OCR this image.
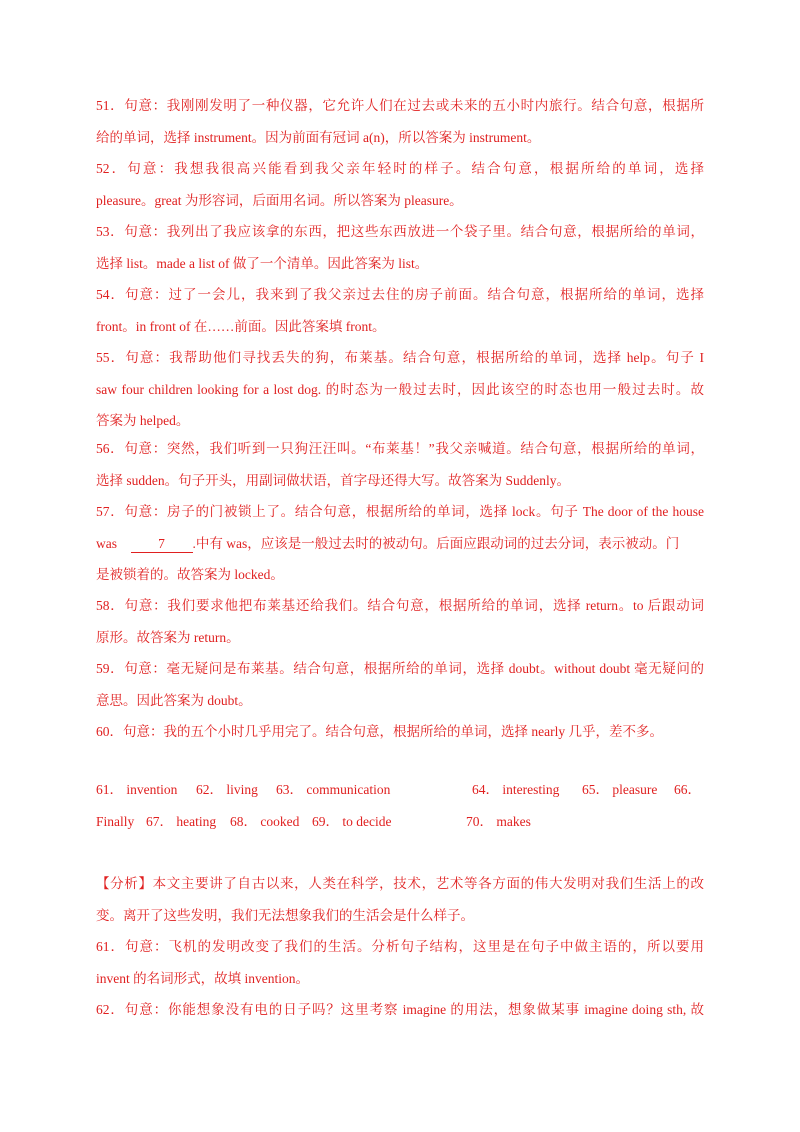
51．句意：我刚刚发明了一种仪器，它允许人们在过去或未来的五小时内旅行。结合句意，根据所
给的单词，选择 instrument。因为前面有冠词 a(n)，所以答案为 instrument。
52．句意：我想我很高兴能看到我父亲年轻时的样子。结合句意，根据所给的单词，选择
pleasure。great 为形容词，后面用名词。所以答案为 pleasure。
53．句意：我列出了我应该拿的东西，把这些东西放进一个袋子里。结合句意，根据所给的单词，
选择 list。made a list of 做了一个清单。因此答案为 list。
54．句意：过了一会儿，我来到了我父亲过去住的房子前面。结合句意，根据所给的单词，选择
front。in front of 在……前面。因此答案填 front。
55．句意：我帮助他们寻找丢失的狗，布莱基。结合句意，根据所给的单词，选择 help。句子 I
saw four children looking for a lost dog. 的时态为一般过去时，因此该空的时态也用一般过去时。故
答案为 helped。
56．句意：突然，我们听到一只狗汪汪叫。“布莱基！”我父亲喊道。结合句意，根据所给的单词，
选择 sudden。句子开头，用副词做状语，首字母还得大写。故答案为 Suddenly。
57．句意：房子的门被锁上了。结合句意，根据所给的单词，选择 lock。句子 The door of the house
was	7 .中有 was，应该是一般过去时的被动句。后面应跟动词的过去分词，表示被动。门
是被锁着的。故答案为 locked。
58．句意：我们要求他把布莱基还给我们。结合句意，根据所给的单词，选择 return。to 后跟动词
原形。故答案为 return。
59．句意：毫无疑问是布莱基。结合句意，根据所给的单词，选择 doubt。without doubt 毫无疑问的
意思。因此答案为 doubt。
60．句意：我的五个小时几乎用完了。结合句意，根据所给的单词，选择 nearly 几乎，差不多。
61． invention 62． living 63． communication	64． interesting 65． pleasure 66．
Finally 67． heating 68． cooked 69． to decide	70． makes
【分析】本文主要讲了自古以来，人类在科学，技术，艺术等各方面的伟大发明对我们生活上的改
变。离开了这些发明，我们无法想象我们的生活会是什么样子。
61．句意：飞机的发明改变了我们的生活。分析句子结构，这里是在句子中做主语的，所以要用
invent 的名词形式，故填 invention。
62．句意：你能想象没有电的日子吗？这里考察 imagine 的用法，想象做某事 imagine doing sth, 故
